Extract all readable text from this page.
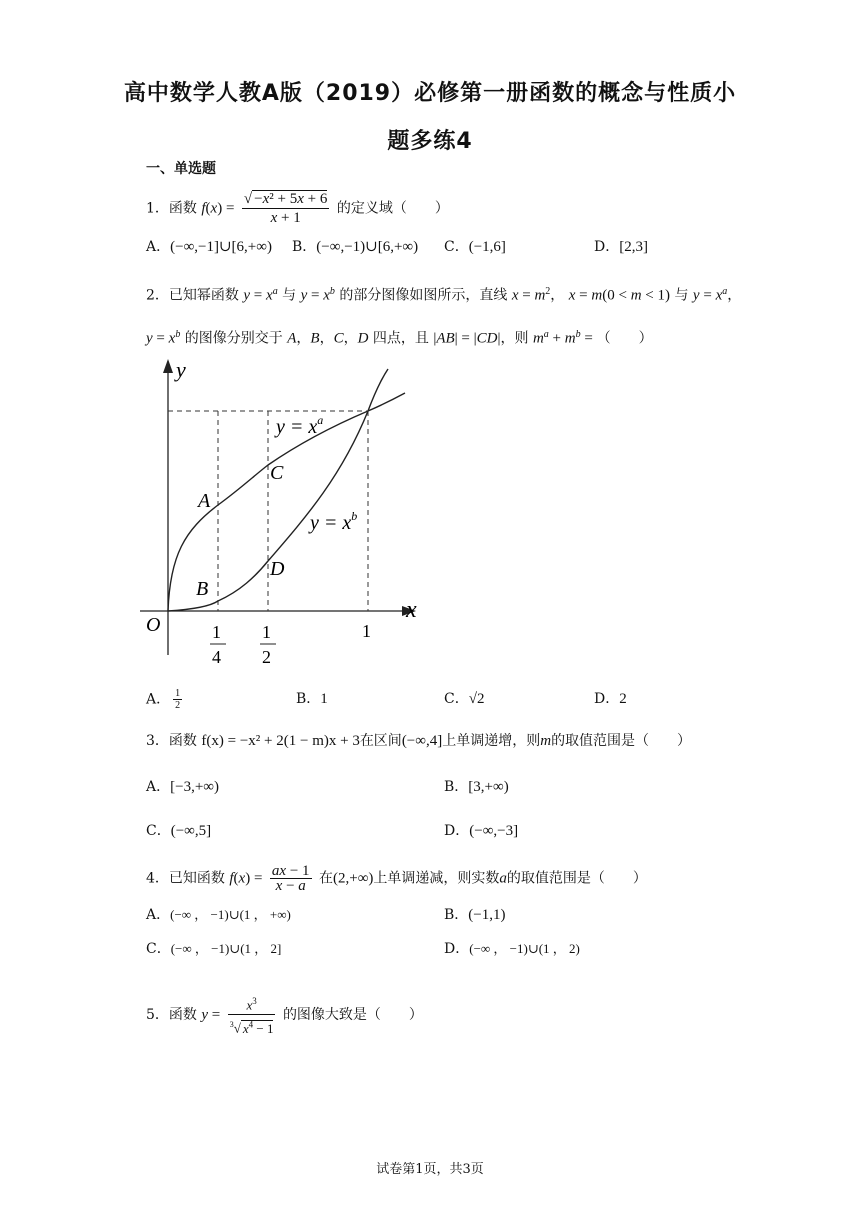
高中数学人教A版（2019）必修第一册函数的概念与性质小
题多练4
一、单选题
1．函数 $f(x) = \frac{\text{√ −x² + 5x + 6}}{x + 1}$ 的定义域（　　）
A．(−∞,−1]∪[6,+∞) B．(−∞,−1)∪[6,+∞) C．(−1,6]	D．[2,3]
2．已知幂函数 $y = x^a$ 与 $y = x^b$ 的部分图像如图所示，直线 $x = m^2$， x = m(0 < m < 1) 与 $y = x^a$，
$y = x^b$ 的图像分别交于 A，B，C，D 四点，且 |AB| = |CD|，则 $m^a + m^b$ = （　　）
y
x
O
$y = x^a$
$y = x^b$
A
B
C
D
1
4
1
2
1
A． $\frac{1}{2}$	B．1	C．√2	D．2
3．函数 f(x) = −x² + 2(1 − m)x + 3在区间(−∞,4]上单调递增，则m的取值范围是（　　）
A．[−3,+∞)	B．[3,+∞)
C．(−∞,5]	D．(−∞,−3]
4．已知函数 $f(x) = \frac{ax - 1}{x - a}$ 在(2,+∞)上单调递减，则实数a的取值范围是（　　）
A．(−∞ ， −1)∪(1 ， +∞)	B．(−1,1)
C．(−∞ ， −1)∪(1 ， 2]	D．(−∞ ， −1)∪(1 ， 2)
5．函数 $y = \frac{x^3}{^3√ x^4 - 1}$ 的图像大致是（　　）
试卷第1页，共3页
